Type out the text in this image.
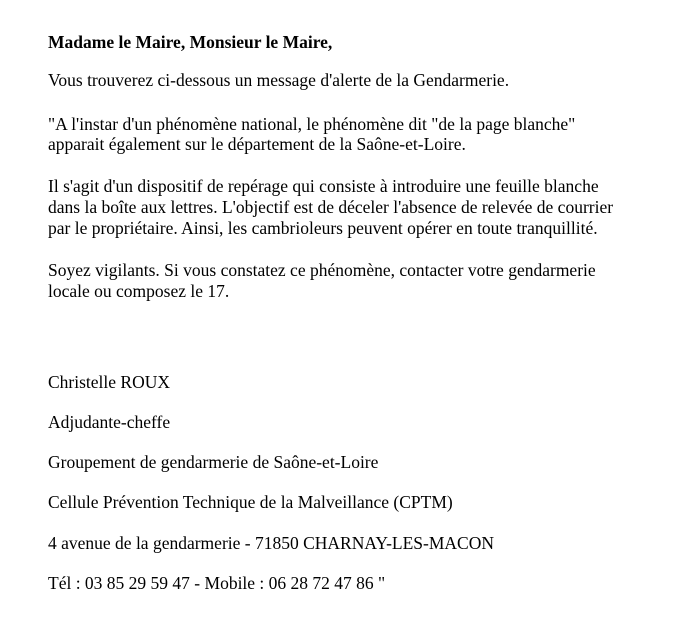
Madame le Maire, Monsieur le Maire,
Vous trouverez ci-dessous un message d'alerte de la Gendarmerie.
"A l'instar d'un phénomène national, le phénomène dit "de la page blanche"
apparait également sur le département de la Saône-et-Loire.
Il s'agit d'un dispositif de repérage qui consiste à introduire une feuille blanche
dans la boîte aux lettres. L'objectif est de déceler l'absence de relevée de courrier
par le propriétaire. Ainsi, les cambrioleurs peuvent opérer en toute tranquillité.
Soyez vigilants. Si vous constatez ce phénomène, contacter votre gendarmerie
locale ou composez le 17.
Christelle ROUX
Adjudante-cheffe
Groupement de gendarmerie de Saône-et-Loire
Cellule Prévention Technique de la Malveillance (CPTM)
4 avenue de la gendarmerie - 71850 CHARNAY-LES-MACON
Tél : 03 85 29 59 47 - Mobile : 06 28 72 47 86 "
